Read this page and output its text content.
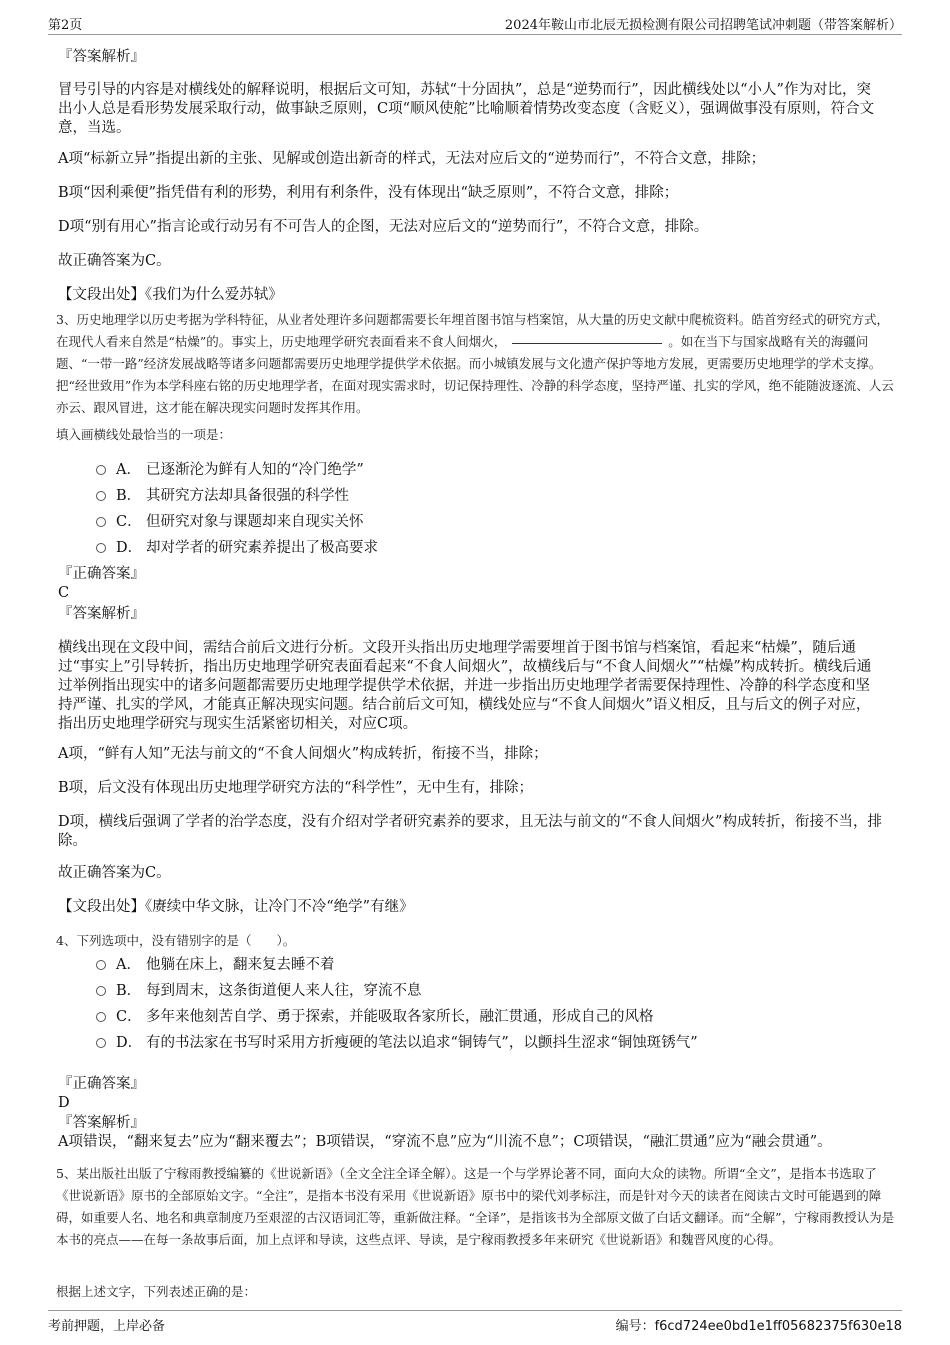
第2页	2024年鞍山市北辰无损检测有限公司招聘笔试冲刺题（带答案解析）

『答案解析』

冒号引导的内容是对横线处的解释说明，根据后文可知，苏轼“十分固执”，总是“逆势而行”，因此横线处以“小人”作为对比，突出小人总是看形势发展采取行动，做事缺乏原则，C项“顺风使舵”比喻顺着情势改变态度（含贬义），强调做事没有原则，符合文意，当选。

A项“标新立异”指提出新的主张、见解或创造出新奇的样式，无法对应后文的“逆势而行”，不符合文意，排除；

B项“因利乘便”指凭借有利的形势，利用有利条件，没有体现出“缺乏原则”，不符合文意，排除；

D项“别有用心”指言论或行动另有不可告人的企图，无法对应后文的“逆势而行”，不符合文意，排除。

故正确答案为C。

【文段出处】《我们为什么爱苏轼》

3、历史地理学以历史考据为学科特征，从业者处理许多问题都需要长年埋首图书馆与档案馆，从大量的历史文献中爬梳资料。皓首穷经式的研究方式，在现代人看来自然是“枯燥”的。事实上，历史地理学研究表面看来不食人间烟火，	。如在当下与国家战略有关的海疆问题、“一带一路”经济发展战略等诸多问题都需要历史地理学提供学术依据。而小城镇发展与文化遗产保护等地方发展，更需要历史地理学的学术支撑。把“经世致用”作为本学科座右铭的历史地理学者，在面对现实需求时，切记保持理性、冷静的科学态度，坚持严谨、扎实的学风，绝不能随波逐流、人云亦云、跟风冒进，这才能在解决现实问题时发挥其作用。

填入画横线处最恰当的一项是：

A． 已逐渐沦为鲜有人知的“冷门绝学”
B． 其研究方法却具备很强的科学性
C． 但研究对象与课题却来自现实关怀
D． 却对学者的研究素养提出了极高要求

『正确答案』

C

『答案解析』

横线出现在文段中间，需结合前后文进行分析。文段开头指出历史地理学需要埋首于图书馆与档案馆，看起来“枯燥”，随后通过“事实上”引导转折，指出历史地理学研究表面看起来“不食人间烟火”，故横线后与“不食人间烟火”“枯燥”构成转折。横线后通过举例指出现实中的诸多问题都需要历史地理学提供学术依据，并进一步指出历史地理学者需要保持理性、冷静的科学态度和坚持严谨、扎实的学风，才能真正解决现实问题。结合前后文可知，横线处应与“不食人间烟火”语义相反，且与后文的例子对应，指出历史地理学研究与现实生活紧密切相关，对应C项。

A项，“鲜有人知”无法与前文的“不食人间烟火”构成转折，衔接不当，排除；

B项，后文没有体现出历史地理学研究方法的“科学性”，无中生有，排除；

D项，横线后强调了学者的治学态度，没有介绍对学者研究素养的要求，且无法与前文的“不食人间烟火”构成转折，衔接不当，排除。

故正确答案为C。

【文段出处】《赓续中华文脉，让冷门不冷“绝学”有继》

4、下列选项中，没有错别字的是（　　）。

A． 他躺在床上，翻来复去睡不着
B． 每到周末，这条街道便人来人往，穿流不息
C． 多年来他刻苦自学、勇于探索，并能吸取各家所长，融汇贯通，形成自己的风格
D． 有的书法家在书写时采用方折瘦硬的笔法以追求“铜铸气”，以颤抖生涩求“铜蚀斑锈气”

『正确答案』

D

『答案解析』

A项错误，“翻来复去”应为“翻来覆去”；B项错误，“穿流不息”应为“川流不息”；C项错误，“融汇贯通”应为“融会贯通”。

5、某出版社出版了宁稼雨教授编纂的《世说新语》（全文全注全译全解）。这是一个与学界论著不同，面向大众的读物。所谓“全文”，是指本书选取了《世说新语》原书的全部原始文字。“全注”，是指本书没有采用《世说新语》原书中的梁代刘孝标注，而是针对今天的读者在阅读古文时可能遇到的障碍，如重要人名、地名和典章制度乃至艰涩的古汉语词汇等，重新做注释。“全译”，是指该书为全部原文做了白话文翻译。而“全解”，宁稼雨教授认为是本书的亮点——在每一条故事后面，加上点评和导读，这些点评、导读，是宁稼雨教授多年来研究《世说新语》和魏晋风度的心得。

根据上述文字，下列表述正确的是：

考前押题，上岸必备	编号：f6cd724ee0bd1e1ff05682375f630e18
